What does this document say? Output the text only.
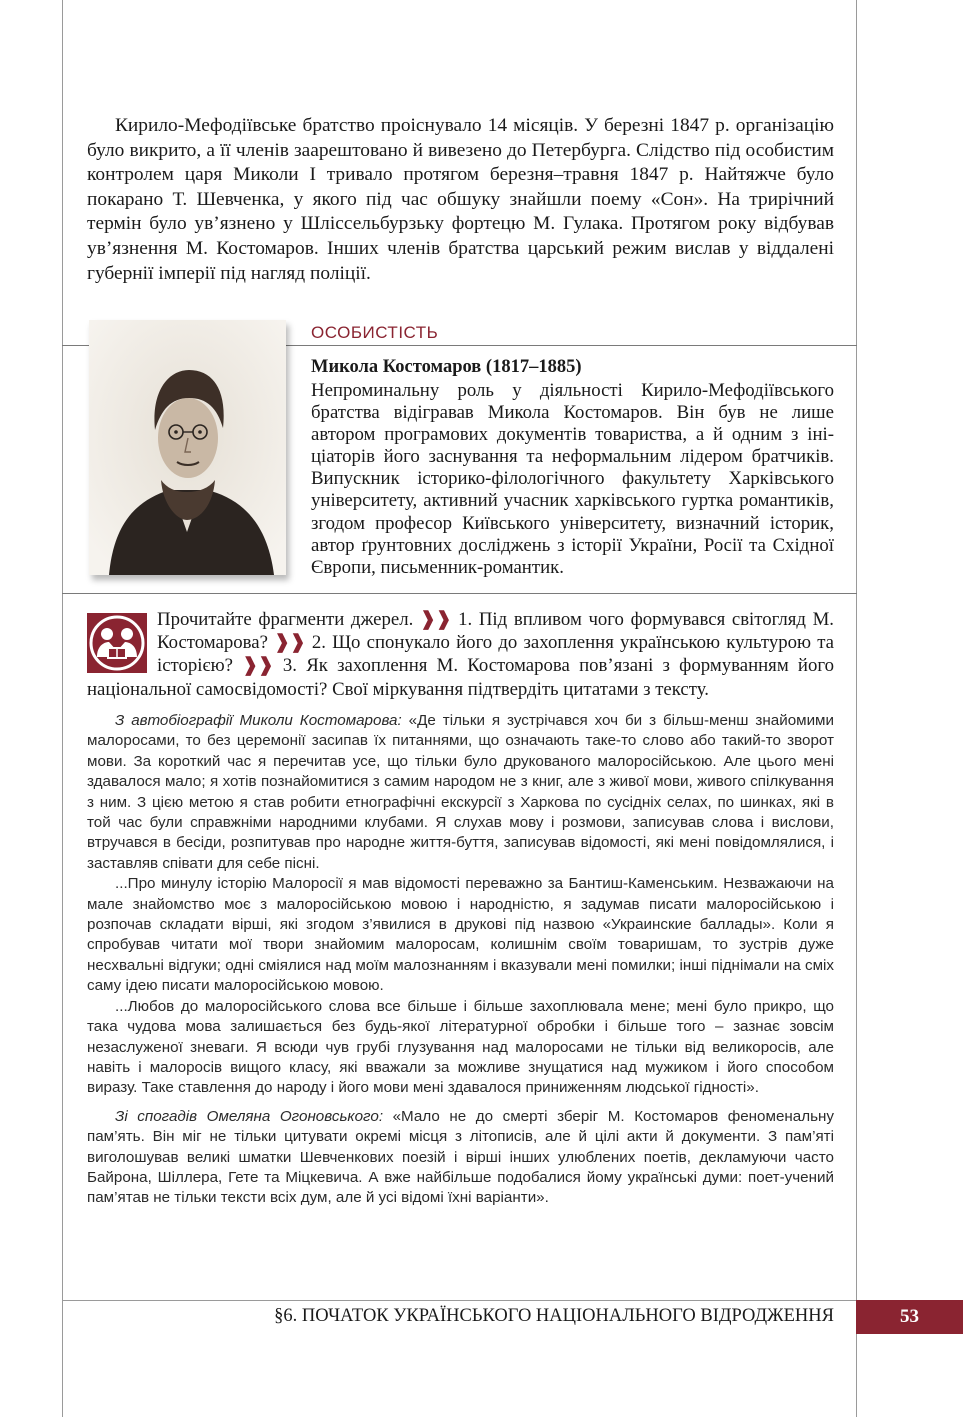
Кирило-Мефодіївське братство проіснувало 14 місяців. У березні 1847 р. організацію було викрито, а її членів заарештовано й вивезено до Петербурга. Слідство під особистим контролем царя Миколи І тривало протягом березня–травня 1847 р. Найтяжче було покарано Т. Шевченка, у якого під час обшуку знайшли поему «Сон». На трирічний термін було ув’язнено у Шліссельбурзьку фортецю М. Гулака. Протягом року відбував ув’язнення М. Костомаров. Інших членів братства царський режим вислав у віддалені губернії імперії під нагляд поліції.

ОСОБИСТІСТЬ

Микола Костомаров (1817–1885)

Непроминальну роль у діяльності Кирило-Мефодіївського братства відігравав Микола Костомаров. Він був не лише автором програмових документів товариства, а й одним з ініціаторів його заснування та неформальним лідером братчиків. Випускник історико-філологічного факультету Харківського університету, активний учасник харківського гуртка романтиків, згодом професор Київського університету, визначний історик, автор ґрунтовних досліджень з історії України, Росії та Східної Європи, письменник-романтик.

Прочитайте фрагменти джерел. ❱❱ 1. Під впливом чого формувався світогляд М. Костомарова? ❱❱ 2. Що спонукало його до захоплення українською культурою та історією? ❱❱ 3. Як захоплення М. Костомарова пов’язані з формуванням його національної самосвідомості? Свої міркування підтвердіть цитатами з тексту.

З автобіографії Миколи Костомарова: «Де тільки я зустрічався хоч би з більш-менш знайомими малоросами, то без церемонії засипав їх питаннями, що означають таке-то слово або такий-то зворот мови. За короткий час я перечитав усе, що тільки було друкованого малоросійською. Але цього мені здавалося мало; я хотів познайомитися з самим народом не з книг, але з живої мови, живого спілкування з ним. З цією метою я став робити етнографічні екскурсії з Харкова по сусідніх селах, по шинках, які в той час були справжніми народними клубами. Я слухав мову і розмови, записував слова і вислови, втручався в бесіди, розпитував про народне життя-буття, записував відомості, які мені повідомлялися, і заставляв співати для себе пісні.

...Про минулу історію Малоросії я мав відомості переважно за Бантиш-Каменським. Незважаючи на мале знайомство моє з малоросійською мовою і народністю, я задумав писати малоросійською і розпочав складати вірші, які згодом з’явилися в друкові під назвою «Украинские баллады». Коли я спробував читати мої твори знайомим малоросам, колишнім своїм товаришам, то зустрів дуже несхвальні відгуки; одні сміялися над моїм малознанням і вказували мені помилки; інші піднімали на сміх саму ідею писати малоросійською мовою.

...Любов до малоросійського слова все більше і більше захоплювала мене; мені було прикро, що така чудова мова залишається без будь-якої літературної обробки і більше того – зазнає зовсім незаслуженої зневаги. Я всюди чув грубі глузування над малоросами не тільки від великоросів, але навіть і малоросів вищого класу, які вважали за можливе знущатися над мужиком і його способом виразу. Таке ставлення до народу і його мови мені здавалося приниженням людської гідності».

Зі спогадів Омеляна Огоновського: «Мало не до смерті зберіг М. Костомаров феноменальну пам’ять. Він міг не тільки цитувати окремі місця з літописів, але й цілі акти й документи. З пам’яті виголошував великі шматки Шевченкових поезій і вірші інших улюблених поетів, декламуючи часто Байрона, Шіллера, Гете та Міцкевича. А вже найбільше подобалися йому українські думи: поет-учений пам’ятав не тільки тексти всіх дум, але й усі відомі їхні варіанти».

§6. ПОЧАТОК УКРАЇНСЬКОГО НАЦІОНАЛЬНОГО ВІДРОДЖЕННЯ	53
